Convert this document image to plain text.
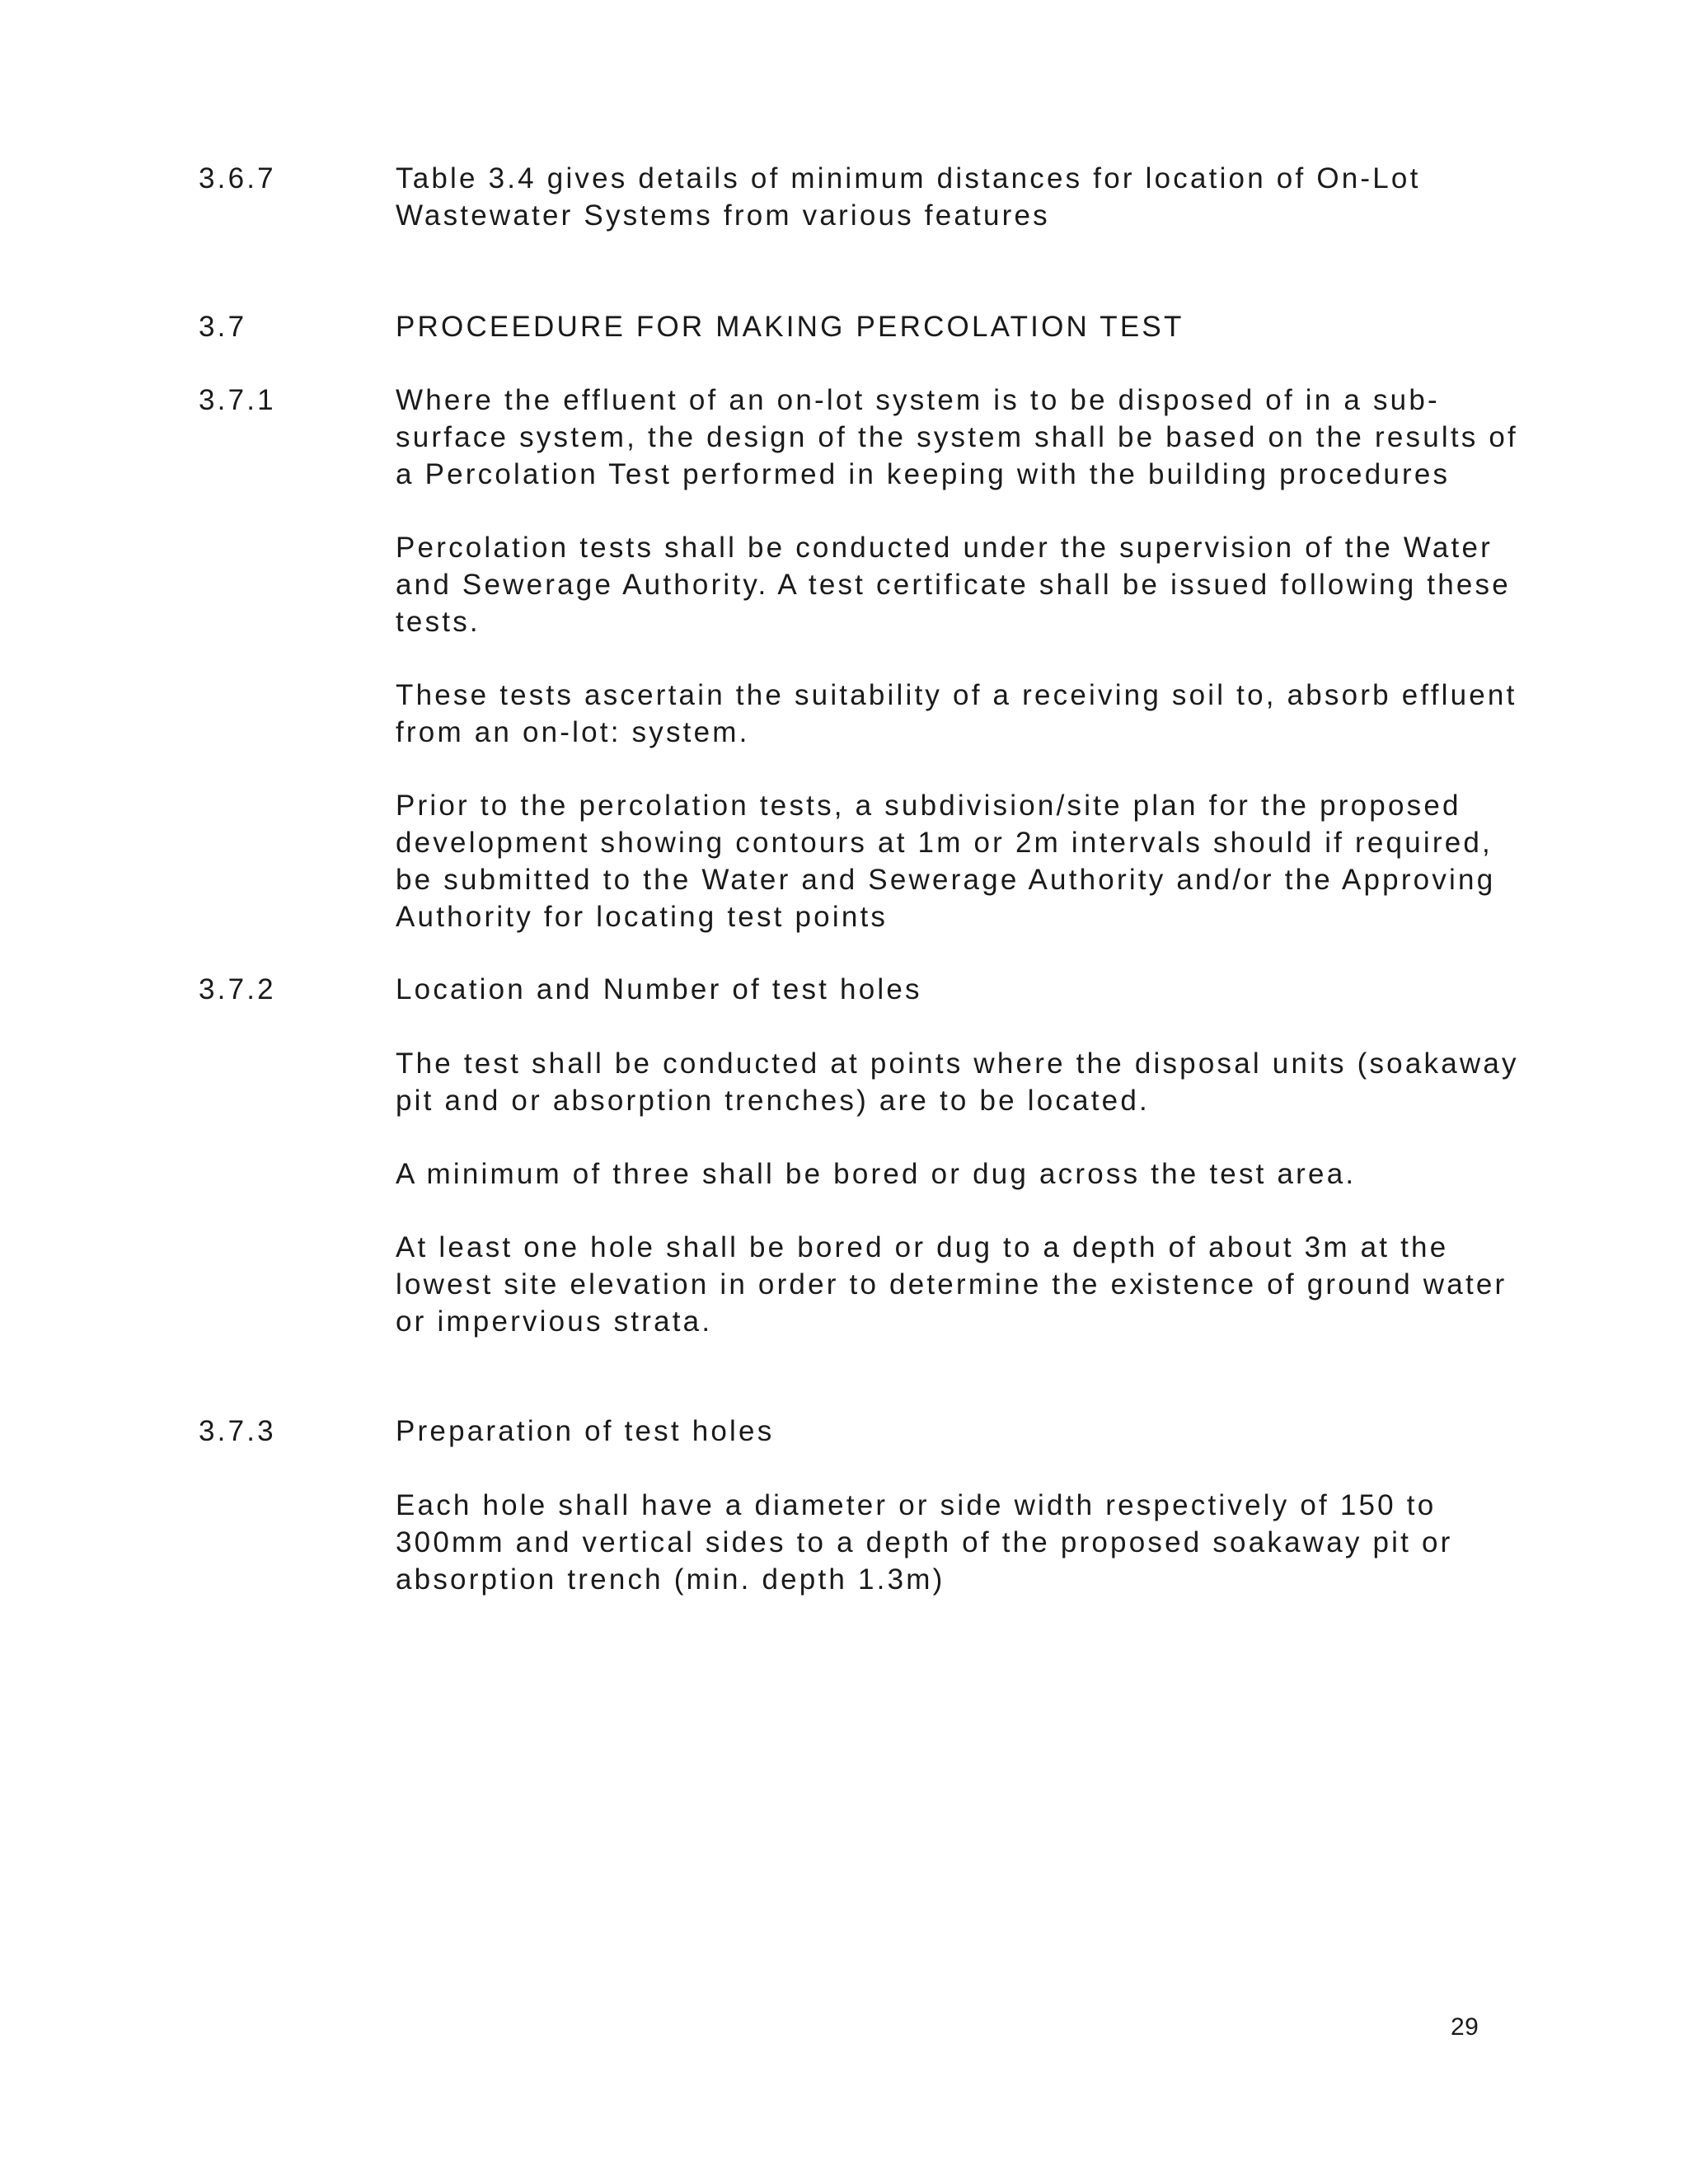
3.6.7	Table 3.4 gives details of minimum distances for location of On-Lot
Wastewater Systems from various features
3.7	PROCEEDURE FOR MAKING PERCOLATION TEST
3.7.1	Where the effluent of an on-lot system is to be disposed of in a sub-
surface system, the design of the system shall be based on the results of
a Percolation Test performed in keeping with the building procedures
Percolation tests shall be conducted under the supervision of the Water
and Sewerage Authority. A test certificate shall be issued following these
tests.
These tests ascertain the suitability of a receiving soil to, absorb effluent
from an on-lot: system.
Prior to the percolation tests, a subdivision/site plan for the proposed
development showing contours at 1m or 2m intervals should if required,
be submitted to the Water and Sewerage Authority and/or the Approving
Authority for locating test points
3.7.2	Location and Number of test holes
The test shall be conducted at points where the disposal units (soakaway
pit and or absorption trenches) are to be located.
A minimum of three shall be bored or dug across the test area.
At least one hole shall be bored or dug to a depth of about 3m at the
lowest site elevation in order to determine the existence of ground water
or impervious strata.
3.7.3	Preparation of test holes
Each hole shall have a diameter or side width respectively of 150 to
300mm and vertical sides to a depth of the proposed soakaway pit or
absorption trench (min. depth 1.3m)
29
